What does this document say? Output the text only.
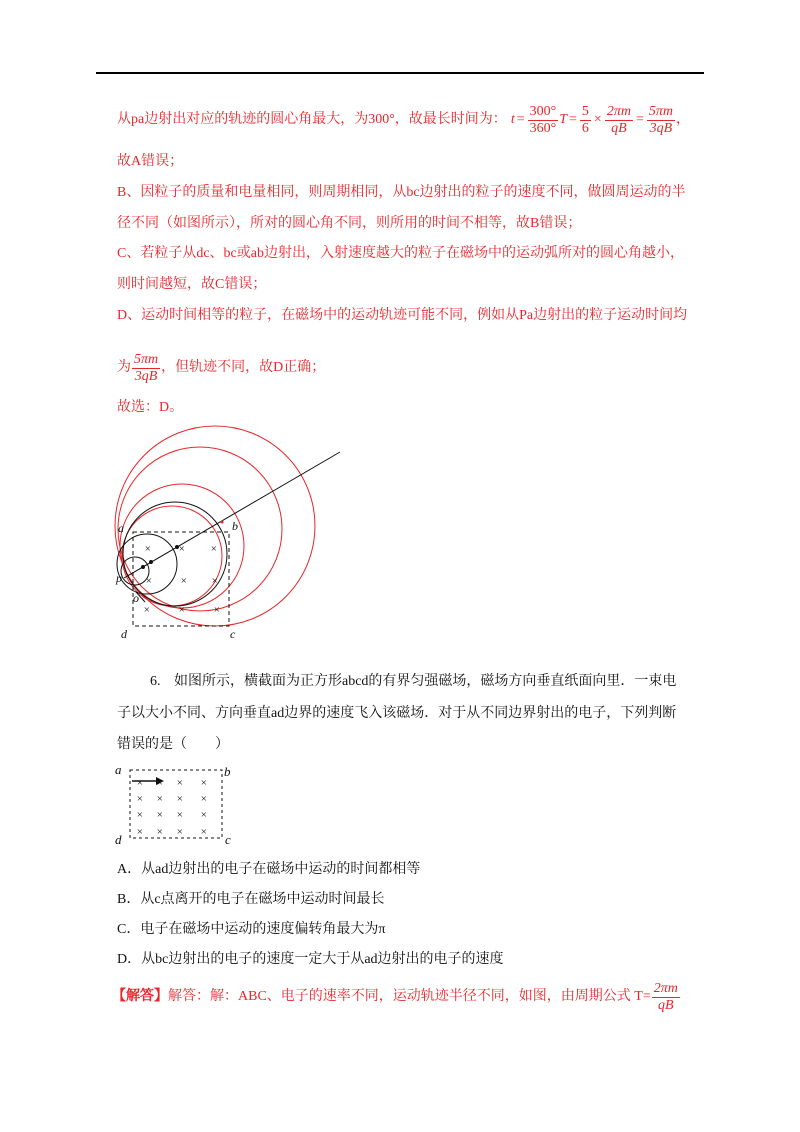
从pa边射出对应的轨迹的圆心角最大，为300°，故最长时间为： $t = \frac{300^\circ}{360^\circ}$ $T = \frac{5}{6} \times \frac{2\pi m}{qB} = \frac{5\pi m}{3qB}$ ，
故A错误；
B、因粒子的质量和电量相同，则周期相同，从bc边射出的粒子的速度不同，做圆周运动的半
径不同（如图所示），所对的圆心角不同，则所用的时间不相等，故B错误；
C、若粒子从dc、bc或ab边射出，入射速度越大的粒子在磁场中的运动弧所对的圆心角越小，
则时间越短，故C错误；
D、运动时间相等的粒子，在磁场中的运动轨迹可能不同，例如从Pa边射出的粒子运动时间均
为 $\frac{5\pi m}{3qB}$ ，但轨迹不同，故D正确；
故选：D。
× × ×
×	× ×
×	×	×
a	b
c
d
p
o
6. 如图所示，横截面为正方形abcd的有界匀强磁场，磁场方向垂直纸面向里．一束电
子以大小不同、方向垂直ad边界的速度飞入该磁场．对于从不同边界射出的电子，下列判断
错误的是（　　）
× × × ×
× × × ×
× × × ×
× × × ×
a	b
c
d
A．从ad边射出的电子在磁场中运动的时间都相等
B．从c点离开的电子在磁场中运动时间最长
C．电子在磁场中运动的速度偏转角最大为π
D．从bc边射出的电子的速度一定大于从ad边射出的电子的速度
【解答】 解答：解：ABC、电子的速率不同，运动轨迹半径不同，如图，由周期公式 $T= \frac{2\pi m}{qB}$
